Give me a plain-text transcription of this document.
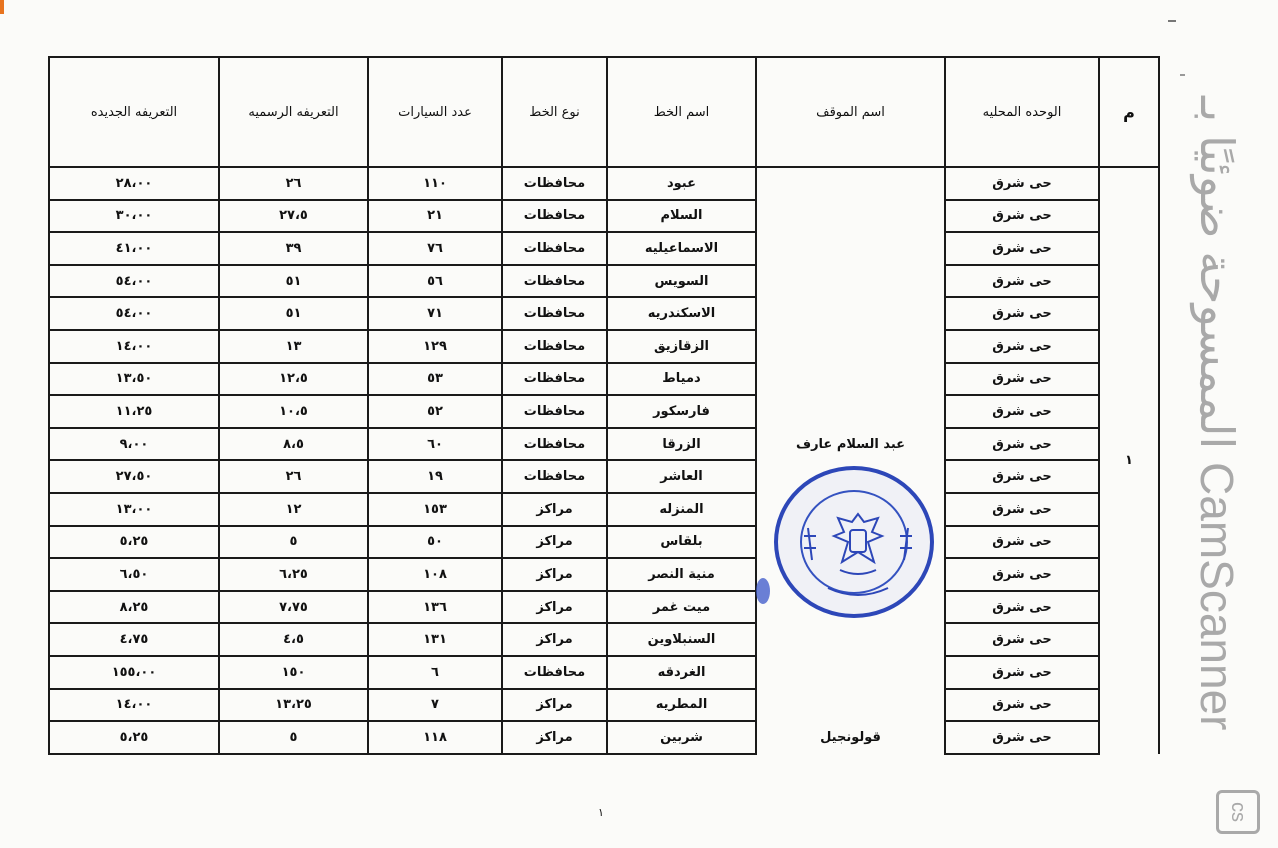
م	الوحده المحليه	اسم الموقف	اسم الخط	نوع الخط	عدد السيارات	التعريفه الرسميه	التعريفه الجديده
١	حى شرق	عبد السلام عارف	عبود	محافظات	١١٠	٢٦	٢٨،٠٠
	حى شرق		السلام	محافظات	٢١	٢٧،٥	٣٠،٠٠
	حى شرق		الاسماعيليه	محافظات	٧٦	٣٩	٤١،٠٠
	حى شرق		السويس	محافظات	٥٦	٥١	٥٤،٠٠
	حى شرق		الاسكندريه	محافظات	٧١	٥١	٥٤،٠٠
	حى شرق		الزقازيق	محافظات	١٢٩	١٣	١٤،٠٠
	حى شرق		دمياط	محافظات	٥٣	١٢،٥	١٣،٥٠
	حى شرق		فارسكور	محافظات	٥٢	١٠،٥	١١،٢٥
	حى شرق		الزرقا	محافظات	٦٠	٨،٥	٩،٠٠
	حى شرق		العاشر	محافظات	١٩	٢٦	٢٧،٥٠
	حى شرق		المنزله	مراكز	١٥٣	١٢	١٣،٠٠
	حى شرق		بلقاس	مراكز	٥٠	٥	٥،٢٥
	حى شرق		منية النصر	مراكز	١٠٨	٦،٢٥	٦،٥٠
	حى شرق		ميت غمر	مراكز	١٣٦	٧،٧٥	٨،٢٥
	حى شرق		السنبلاوين	مراكز	١٣١	٤،٥	٤،٧٥
	حى شرق		الغردقه	محافظات	٦	١٥٠	١٥٥،٠٠
	حى شرق		المطريه	مراكز	٧	١٣،٢٥	١٤،٠٠
	حى شرق	قولونجيل	شربين	مراكز	١١٨	٥	٥،٢٥
١
الممسوحة ضوئيًا بـ CamScanner
cs
